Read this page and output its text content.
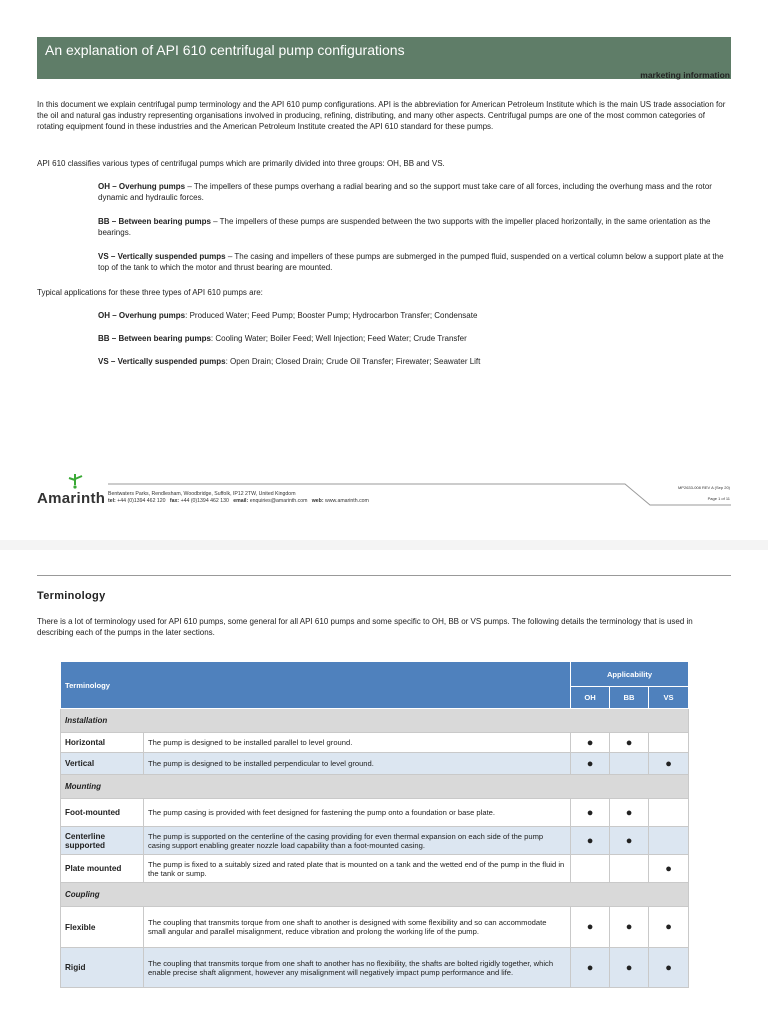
An explanation of API 610 centrifugal pump configurations
marketing information

In this document we explain centrifugal pump terminology and the API 610 pump configurations. API is the abbreviation for American Petroleum Institute which is the main US trade association for the oil and natural gas industry representing organisations involved in producing, refining, distributing, and many other aspects. Centrifugal pumps are one of the most common categories of rotating equipment found in these industries and the American Petroleum Institute created the API 610 standard for these pumps.

API 610 classifies various types of centrifugal pumps which are primarily divided into three groups: OH, BB and VS.

OH – Overhung pumps – The impellers of these pumps overhang a radial bearing and so the support must take care of all forces, including the overhung mass and the rotor dynamic and hydraulic forces.

BB – Between bearing pumps – The impellers of these pumps are suspended between the two supports with the impeller placed horizontally, in the same orientation as the bearings.

VS – Vertically suspended pumps – The casing and impellers of these pumps are submerged in the pumped fluid, suspended on a vertical column below a support plate at the top of the tank to which the motor and thrust bearing are mounted.

Typical applications for these three types of API 610 pumps are:

OH – Overhung pumps: Produced Water; Feed Pump; Booster Pump; Hydrocarbon Transfer; Condensate

BB – Between bearing pumps: Cooling Water; Boiler Feed; Well Injection; Feed Water; Crude Transfer

VS – Vertically suspended pumps: Open Drain; Closed Drain; Crude Oil Transfer; Firewater; Seawater Lift

Amarinth Bentwaters Parks, Rendlesham, Woodbridge, Suffolk, IP12 2TW, United Kingdom
tel: +44 (0)1394 462 120 fax: +44 (0)1394 462 130 email: enquiries@amarinth.com web: www.amarinth.com
MP2633-008 REV A (Sep 20)
Page 1 of 11
Terminology

There is a lot of terminology used for API 610 pumps, some general for all API 610 pumps and some specific to OH, BB or VS pumps. The following details the terminology that is used in describing each of the pumps in the later sections.

Terminology		Applicability		
		OH	BB	VS
Installation				
Horizontal	The pump is designed to be installed parallel to level ground.	●	●	
Vertical	The pump is designed to be installed perpendicular to level ground.	●		●
Mounting				
Foot-mounted	The pump casing is provided with feet designed for fastening the pump onto a foundation or base plate.	●	●	
Centerline supported	The pump is supported on the centerline of the casing providing for even thermal expansion on each side of the pump casing support enabling greater nozzle load capability than a foot-mounted casing.	●	●	
Plate mounted	The pump is fixed to a suitably sized and rated plate that is mounted on a tank and the wetted end of the pump in the fluid in the tank or sump.			●
Coupling				
Flexible	The coupling that transmits torque from one shaft to another is designed with some flexibility and so can accommodate small angular and parallel misalignment, reduce vibration and prolong the working life of the pump.	●	●	●
Rigid	The coupling that transmits torque from one shaft to another has no flexibility, the shafts are bolted rigidly together, which enable precise shaft alignment, however any misalignment will negatively impact pump performance and life.	●	●	●
